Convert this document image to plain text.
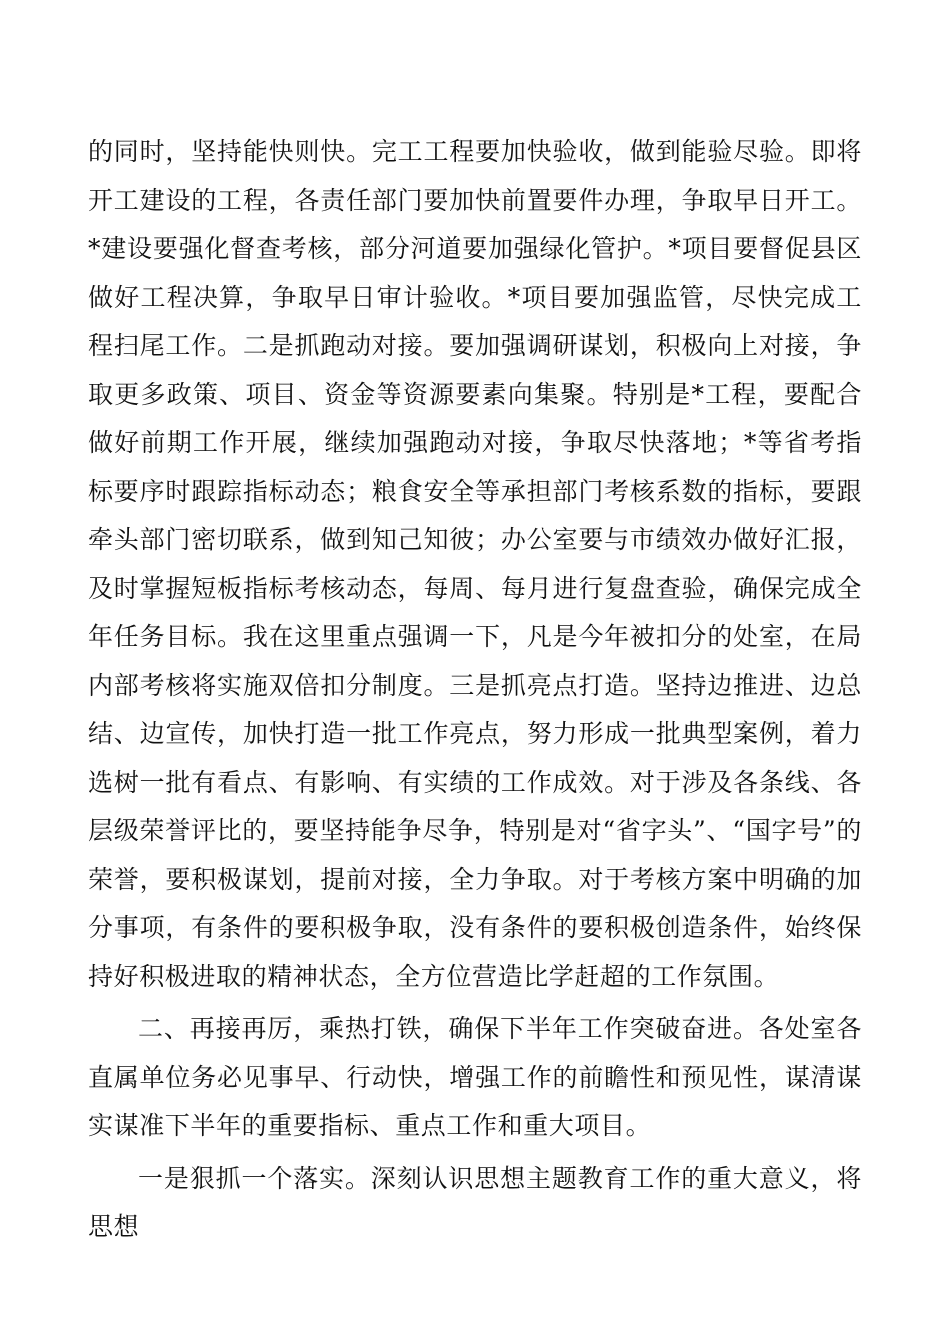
的同时，坚持能快则快。完工工程要加快验收，做到能验尽验。即将开工建设的工程，各责任部门要加快前置要件办理，争取早日开工。*建设要强化督查考核，部分河道要加强绿化管护。*项目要督促县区做好工程决算，争取早日审计验收。*项目要加强监管，尽快完成工程扫尾工作。二是抓跑动对接。要加强调研谋划，积极向上对接，争取更多政策、项目、资金等资源要素向集聚。特别是*工程，要配合做好前期工作开展，继续加强跑动对接，争取尽快落地；*等省考指标要序时跟踪指标动态；粮食安全等承担部门考核系数的指标，要跟牵头部门密切联系，做到知己知彼；办公室要与市绩效办做好汇报，及时掌握短板指标考核动态，每周、每月进行复盘查验，确保完成全年任务目标。我在这里重点强调一下，凡是今年被扣分的处室，在局内部考核将实施双倍扣分制度。三是抓亮点打造。坚持边推进、边总结、边宣传，加快打造一批工作亮点，努力形成一批典型案例，着力选树一批有看点、有影响、有实绩的工作成效。对于涉及各条线、各层级荣誉评比的，要坚持能争尽争，特别是对“省字头”、“国字号”的荣誉，要积极谋划，提前对接，全力争取。对于考核方案中明确的加分事项，有条件的要积极争取，没有条件的要积极创造条件，始终保持好积极进取的精神状态，全方位营造比学赶超的工作氛围。

二、再接再厉，乘热打铁，确保下半年工作突破奋进。各处室各直属单位务必见事早、行动快，增强工作的前瞻性和预见性，谋清谋实谋准下半年的重要指标、重点工作和重大项目。

一是狠抓一个落实。深刻认识思想主题教育工作的重大意义，将思想
